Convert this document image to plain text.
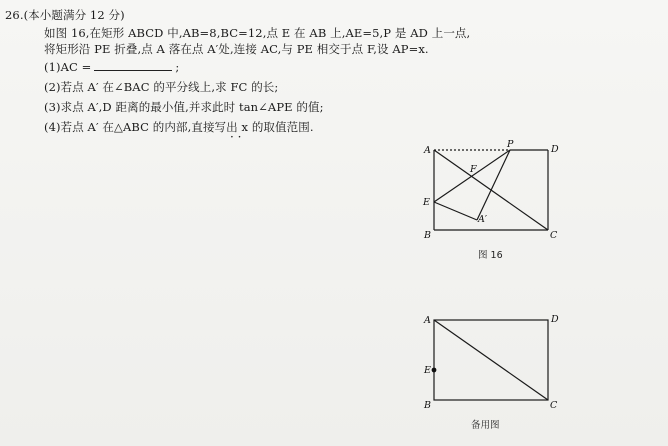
26.(本小题满分 12 分)
如图 16,在矩形 ABCD 中,AB=8,BC=12,点 E 在 AB 上,AE=5,P 是 AD 上一点,
将矩形沿 PE 折叠,点 A 落在点 A′处,连接 AC,与 PE 相交于点 F,设 AP=x.
(1)AC =	;
(2)若点 A′ 在∠BAC 的平分线上,求 FC 的长;
(3)求点 A′,D 距离的最小值,并求此时 tan∠APE 的值;
(4)若点 A′ 在△ABC 的内部,直接写出 x 的取值范围.
· ·
A
B	C
D
E
F
P
A′
图 16
A
B	C
D
E
备用图
